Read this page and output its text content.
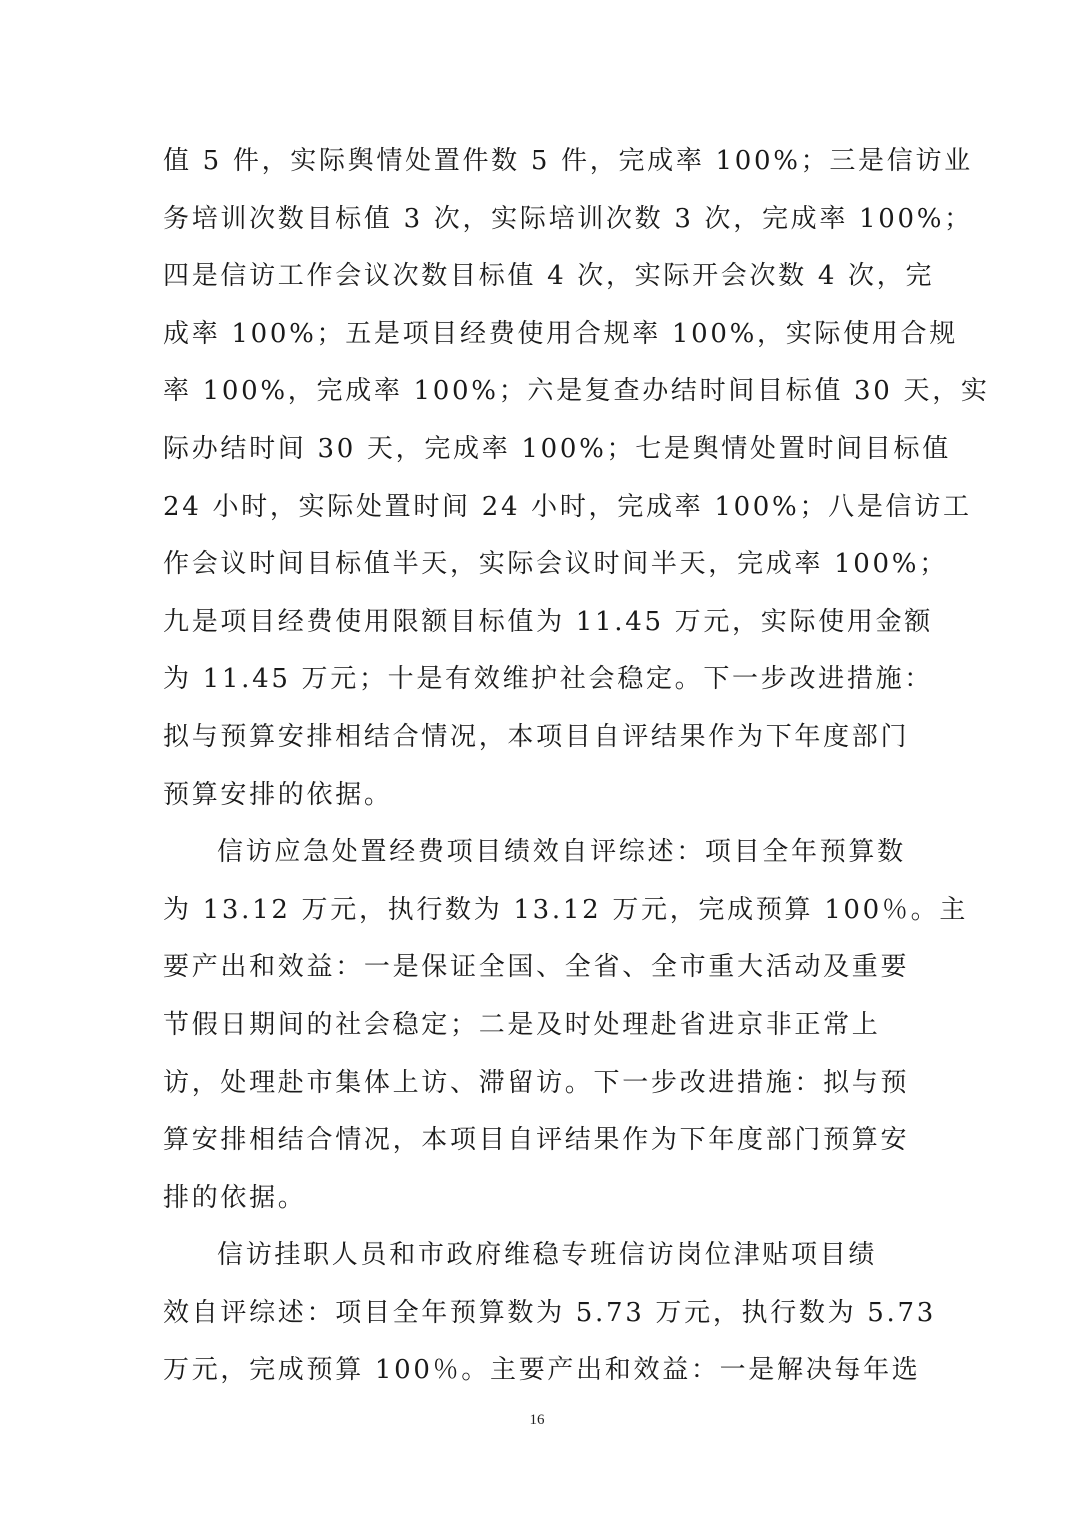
值 5 件，实际舆情处置件数 5 件，完成率 100%；三是信访业
务培训次数目标值 3 次，实际培训次数 3 次，完成率 100%；
四是信访工作会议次数目标值 4 次，实际开会次数 4 次，完
成率 100%；五是项目经费使用合规率 100%，实际使用合规
率 100%，完成率 100%；六是复查办结时间目标值 30 天，实
际办结时间 30 天，完成率 100%；七是舆情处置时间目标值
24 小时，实际处置时间 24 小时，完成率 100%；八是信访工
作会议时间目标值半天，实际会议时间半天，完成率 100%；
九是项目经费使用限额目标值为 11.45 万元，实际使用金额
为 11.45 万元；十是有效维护社会稳定。下一步改进措施：
拟与预算安排相结合情况，本项目自评结果作为下年度部门
预算安排的依据。
信访应急处置经费项目绩效自评综述：项目全年预算数
为 13.12 万元，执行数为 13.12 万元，完成预算 100％。主
要产出和效益：一是保证全国、全省、全市重大活动及重要
节假日期间的社会稳定；二是及时处理赴省进京非正常上
访，处理赴市集体上访、滞留访。下一步改进措施：拟与预
算安排相结合情况，本项目自评结果作为下年度部门预算安
排的依据。
信访挂职人员和市政府维稳专班信访岗位津贴项目绩
效自评综述：项目全年预算数为 5.73 万元，执行数为 5.73
万元，完成预算 100％。主要产出和效益：一是解决每年选
16
